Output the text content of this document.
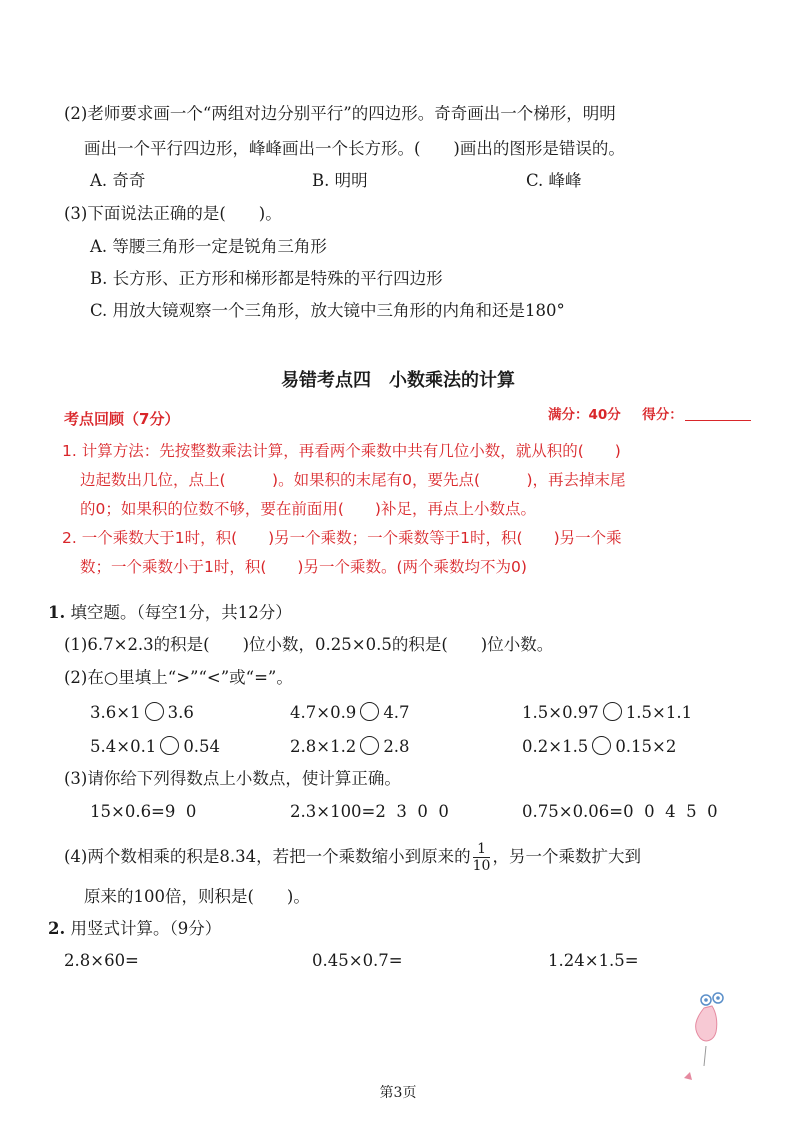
(2)老师要求画一个“两组对边分别平行”的四边形。奇奇画出一个梯形，明明
画出一个平行四边形，峰峰画出一个长方形。(　　)画出的图形是错误的。
A. 奇奇	B. 明明	C. 峰峰
(3)下面说法正确的是(　　)。
A. 等腰三角形一定是锐角三角形
B. 长方形、正方形和梯形都是特殊的平行四边形
C. 用放大镜观察一个三角形，放大镜中三角形的内角和还是180°
易错考点四　小数乘法的计算
考点回顾（7分）	满分：40分 得分：
1. 计算方法：先按整数乘法计算，再看两个乘数中共有几位小数，就从积的(　　)
边起数出几位，点上(　　　)。如果积的末尾有0，要先点(　　　)，再去掉末尾
的0；如果积的位数不够，要在前面用(　　)补足，再点上小数点。
2. 一个乘数大于1时，积(　　)另一个乘数；一个乘数等于1时，积(　　)另一个乘
数；一个乘数小于1时，积(　　)另一个乘数。(两个乘数均不为0)
1. 填空题。（每空1分，共12分）
(1)6.7×2.3的积是(　　)位小数，0.25×0.5的积是(　　)位小数。
(2)在○里填上“>”“<”或“=”。
3.6×1 3.6	4.7×0.9 4.7	1.5×0.97 1.5×1.1
5.4×0.1 0.54	2.8×1.2 2.8	0.2×1.5 0.15×2
(3)请你给下列得数点上小数点，使计算正确。
15×0.6=9  0	2.3×100=2  3  0  0	0.75×0.06=0  0  4  5  0
(4)两个数相乘的积是8.34，若把一个乘数缩小到原来的 $\frac{1}{10}$ ，另一个乘数扩大到
原来的100倍，则积是(　　)。
2. 用竖式计算。（9分）
2.8×60=	0.45×0.7=	1.24×1.5=
第3页
